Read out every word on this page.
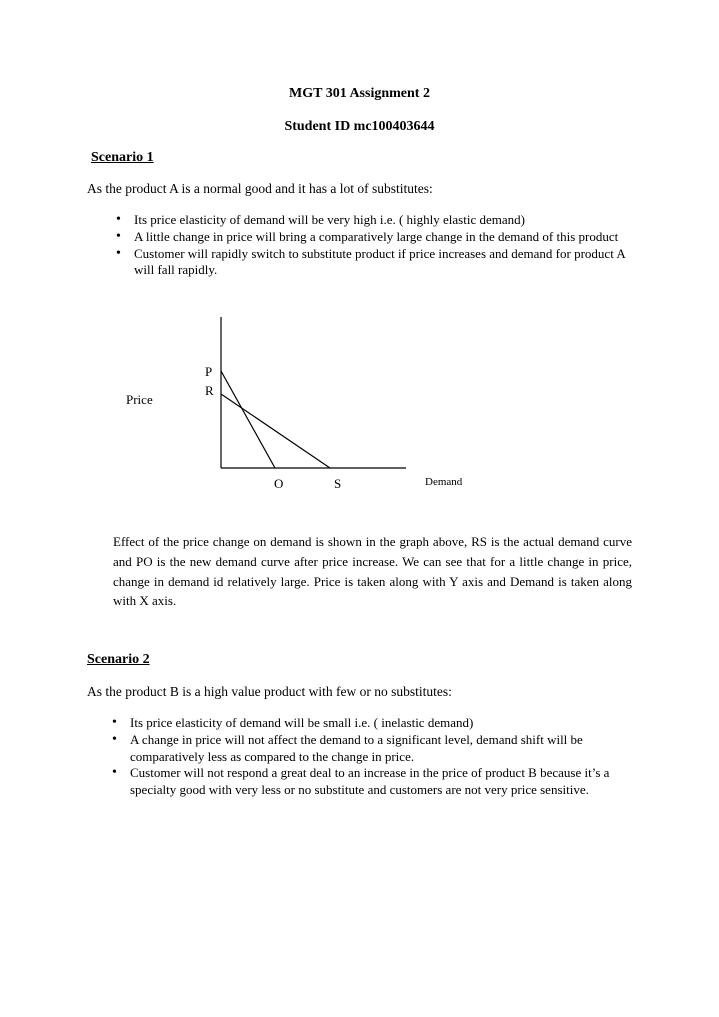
MGT 301 Assignment 2
Student ID mc100403644
Scenario 1
As the product A is a normal good and it has a lot of substitutes:
• Its price elasticity of demand will be very high i.e. ( highly elastic demand)
• A little change in price will bring a comparatively large change in the demand of this product
• Customer will rapidly switch to substitute product if price increases and demand for product A will fall rapidly.
Price
P
R
O	S	Demand
Effect of the price change on demand is shown in the graph above, RS is the actual demand curve and PO is the new demand curve after price increase. We can see that for a little change in price, change in demand id relatively large. Price is taken along with Y axis and Demand is taken along with X axis.
Scenario 2
As the product B is a high value product with few or no substitutes:
• Its price elasticity of demand will be small i.e. ( inelastic demand)
• A change in price will not affect the demand to a significant level, demand shift will be comparatively less as compared to the change in price.
• Customer will not respond a great deal to an increase in the price of product B because it’s a specialty good with very less or no substitute and customers are not very price sensitive.
